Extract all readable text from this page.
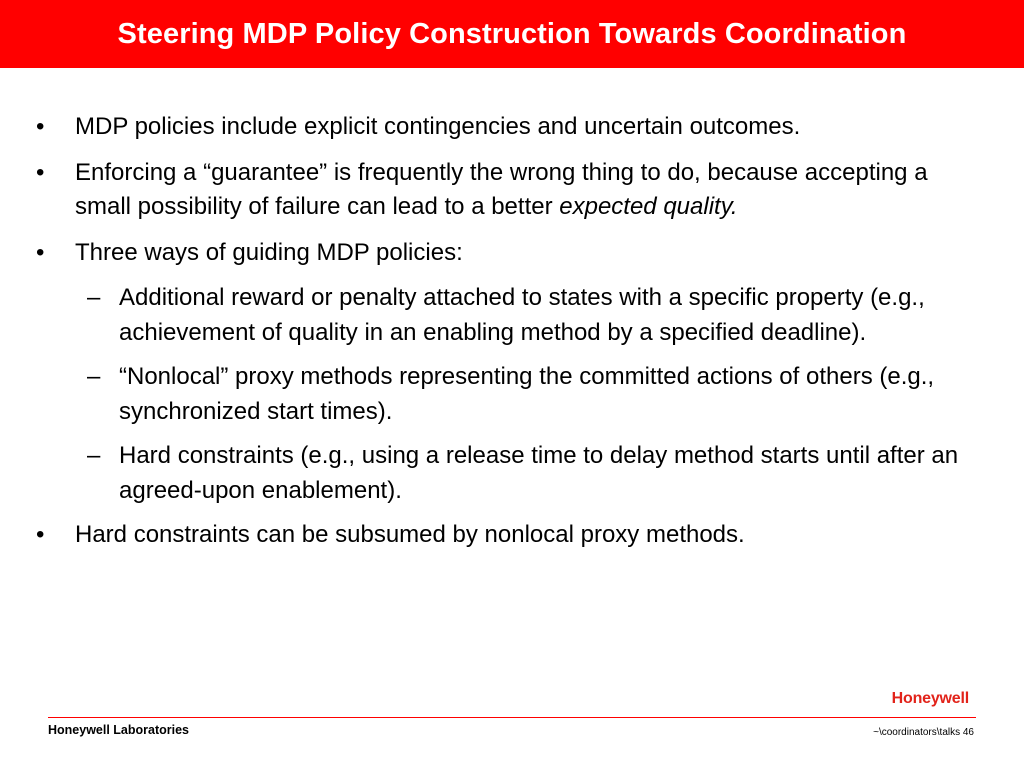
Steering MDP Policy Construction Towards Coordination

• MDP policies include explicit contingencies and uncertain outcomes.

• Enforcing a “guarantee” is frequently the wrong thing to do, because accepting a small possibility of failure can lead to a better expected quality.

• Three ways of guiding MDP policies:

– Additional reward or penalty attached to states with a specific property (e.g., achievement of quality in an enabling method by a specified deadline).

– “Nonlocal” proxy methods representing the committed actions of others (e.g., synchronized start times).

– Hard constraints (e.g., using a release time to delay method starts until after an agreed-upon enablement).

• Hard constraints can be subsumed by nonlocal proxy methods.

Honeywell
Honeywell Laboratories	~\coordinators\talks 46
